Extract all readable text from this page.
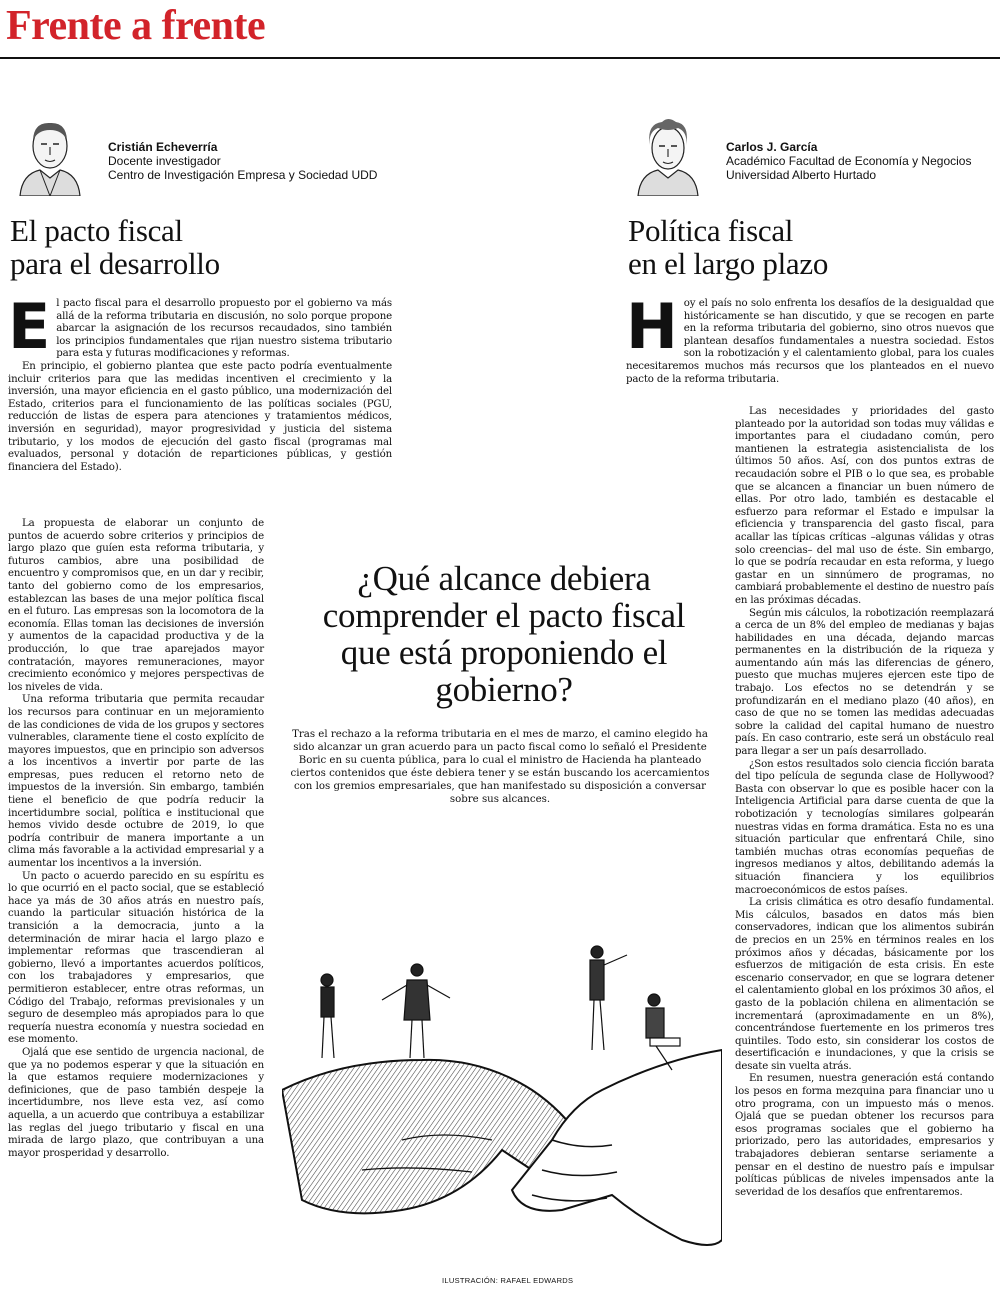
Frente a frente
Cristián Echeverría
Docente investigador
Centro de Investigación Empresa y Sociedad UDD
El pacto fiscal
para el desarrollo
Carlos J. García
Académico Facultad de Economía y Negocios
Universidad Alberto Hurtado
Política fiscal
en el largo plazo
E l pacto fiscal para el desarrollo propuesto por el gobierno va más allá de la reforma tributaria en discusión, no solo porque propone abarcar la asignación de los recursos recaudados, sino también los principios fundamentales que rijan nuestro sistema tributario para esta y futuras modificaciones y reformas.

En principio, el gobierno plantea que este pacto podría eventualmente incluir criterios para que las medidas incentiven el crecimiento y la inversión, una mayor eficiencia en el gasto público, una modernización del Estado, criterios para el funcionamiento de las políticas sociales (PGU, reducción de listas de espera para atenciones y tratamientos médicos, inversión en seguridad), mayor progresividad y justicia del sistema tributario, y los modos de ejecución del gasto fiscal (programas mal evaluados, personal y dotación de reparticiones públicas, y gestión financiera del Estado).

La propuesta de elaborar un conjunto de puntos de acuerdo sobre criterios y principios de largo plazo que guíen esta reforma tributaria, y futuros cambios, abre una posibilidad de encuentro y compromisos que, en un dar y recibir, tanto del gobierno como de los empresarios, establezcan las bases de una mejor política fiscal en el futuro. Las empresas son la locomotora de la economía. Ellas toman las decisiones de inversión y aumentos de la capacidad productiva y de la producción, lo que trae aparejados mayor contratación, mayores remuneraciones, mayor crecimiento económico y mejores perspectivas de los niveles de vida.

Una reforma tributaria que permita recaudar los recursos para continuar en un mejoramiento de las condiciones de vida de los grupos y sectores vulnerables, claramente tiene el costo explícito de mayores impuestos, que en principio son adversos a los incentivos a invertir por parte de las empresas, pues reducen el retorno neto de impuestos de la inversión. Sin embargo, también tiene el beneficio de que podría reducir la incertidumbre social, política e institucional que hemos vivido desde octubre de 2019, lo que podría contribuir de manera importante a un clima más favorable a la actividad empresarial y a aumentar los incentivos a la inversión.

Un pacto o acuerdo parecido en su espíritu es lo que ocurrió en el pacto social, que se estableció hace ya más de 30 años atrás en nuestro país, cuando la particular situación histórica de la transición a la democracia, junto a la determinación de mirar hacia el largo plazo e implementar reformas que trascendieran al gobierno, llevó a importantes acuerdos políticos, con los trabajadores y empresarios, que permitieron establecer, entre otras reformas, un Código del Trabajo, reformas previsionales y un seguro de desempleo más apropiados para lo que requería nuestra economía y nuestra sociedad en ese momento.

Ojalá que ese sentido de urgencia nacional, de que ya no podemos esperar y que la situación en la que estamos requiere modernizaciones y definiciones, que de paso también despeje la incertidumbre, nos lleve esta vez, así como aquella, a un acuerdo que contribuya a estabilizar las reglas del juego tributario y fiscal en una mirada de largo plazo, que contribuyan a una mayor prosperidad y desarrollo.

H oy el país no solo enfrenta los desafíos de la desigualdad que históricamente se han discutido, y que se recogen en parte en la reforma tributaria del gobierno, sino otros nuevos que plantean desafíos fundamentales a nuestra sociedad. Estos son la robotización y el calentamiento global, para los cuales necesitaremos muchos más recursos que los planteados en el nuevo pacto de la reforma tributaria.

Las necesidades y prioridades del gasto planteado por la autoridad son todas muy válidas e importantes para el ciudadano común, pero mantienen la estrategia asistencialista de los últimos 50 años. Así, con dos puntos extras de recaudación sobre el PIB o lo que sea, es probable que se alcancen a financiar un buen número de ellas. Por otro lado, también es destacable el esfuerzo para reformar el Estado e impulsar la eficiencia y transparencia del gasto fiscal, para acallar las típicas críticas –algunas válidas y otras solo creencias– del mal uso de éste. Sin embargo, lo que se podría recaudar en esta reforma, y luego gastar en un sinnúmero de programas, no cambiará probablemente el destino de nuestro país en las próximas décadas.

Según mis cálculos, la robotización reemplazará a cerca de un 8% del empleo de medianas y bajas habilidades en una década, dejando marcas permanentes en la distribución de la riqueza y aumentando aún más las diferencias de género, puesto que muchas mujeres ejercen este tipo de trabajo. Los efectos no se detendrán y se profundizarán en el mediano plazo (40 años), en caso de que no se tomen las medidas adecuadas sobre la calidad del capital humano de nuestro país. En caso contrario, este será un obstáculo real para llegar a ser un país desarrollado.

¿Son estos resultados solo ciencia ficción barata del tipo película de segunda clase de Hollywood? Basta con observar lo que es posible hacer con la Inteligencia Artificial para darse cuenta de que la robotización y tecnologías similares golpearán nuestras vidas en forma dramática. Esta no es una situación particular que enfrentará Chile, sino también muchas otras economías pequeñas de ingresos medianos y altos, debilitando además la situación financiera y los equilibrios macroeconómicos de estos países.

La crisis climática es otro desafío fundamental. Mis cálculos, basados en datos más bien conservadores, indican que los alimentos subirán de precios en un 25% en términos reales en los próximos años y décadas, básicamente por los esfuerzos de mitigación de esta crisis. En este escenario conservador, en que se lograra detener el calentamiento global en los próximos 30 años, el gasto de la población chilena en alimentación se incrementará (aproximadamente en un 8%), concentrándose fuertemente en los primeros tres quintiles. Todo esto, sin considerar los costos de desertificación e inundaciones, y que la crisis se desate sin vuelta atrás.

En resumen, nuestra generación está contando los pesos en forma mezquina para financiar uno u otro programa, con un impuesto más o menos. Ojalá que se puedan obtener los recursos para esos programas sociales que el gobierno ha priorizado, pero las autoridades, empresarios y trabajadores debieran sentarse seriamente a pensar en el destino de nuestro país e impulsar políticas públicas de niveles impensados ante la severidad de los desafíos que enfrentaremos.

¿Qué alcance debiera
comprender el pacto fiscal
que está proponiendo el
gobierno?
Tras el rechazo a la reforma tributaria en el mes de marzo, el camino elegido ha sido alcanzar un gran acuerdo para un pacto fiscal como lo señaló el Presidente Boric en su cuenta pública, para lo cual el ministro de Hacienda ha planteado ciertos contenidos que éste debiera tener y se están buscando los acercamientos con los gremios empresariales, que han manifestado su disposición a conversar sobre sus alcances.
ILUSTRACIÓN: RAFAEL EDWARDS
